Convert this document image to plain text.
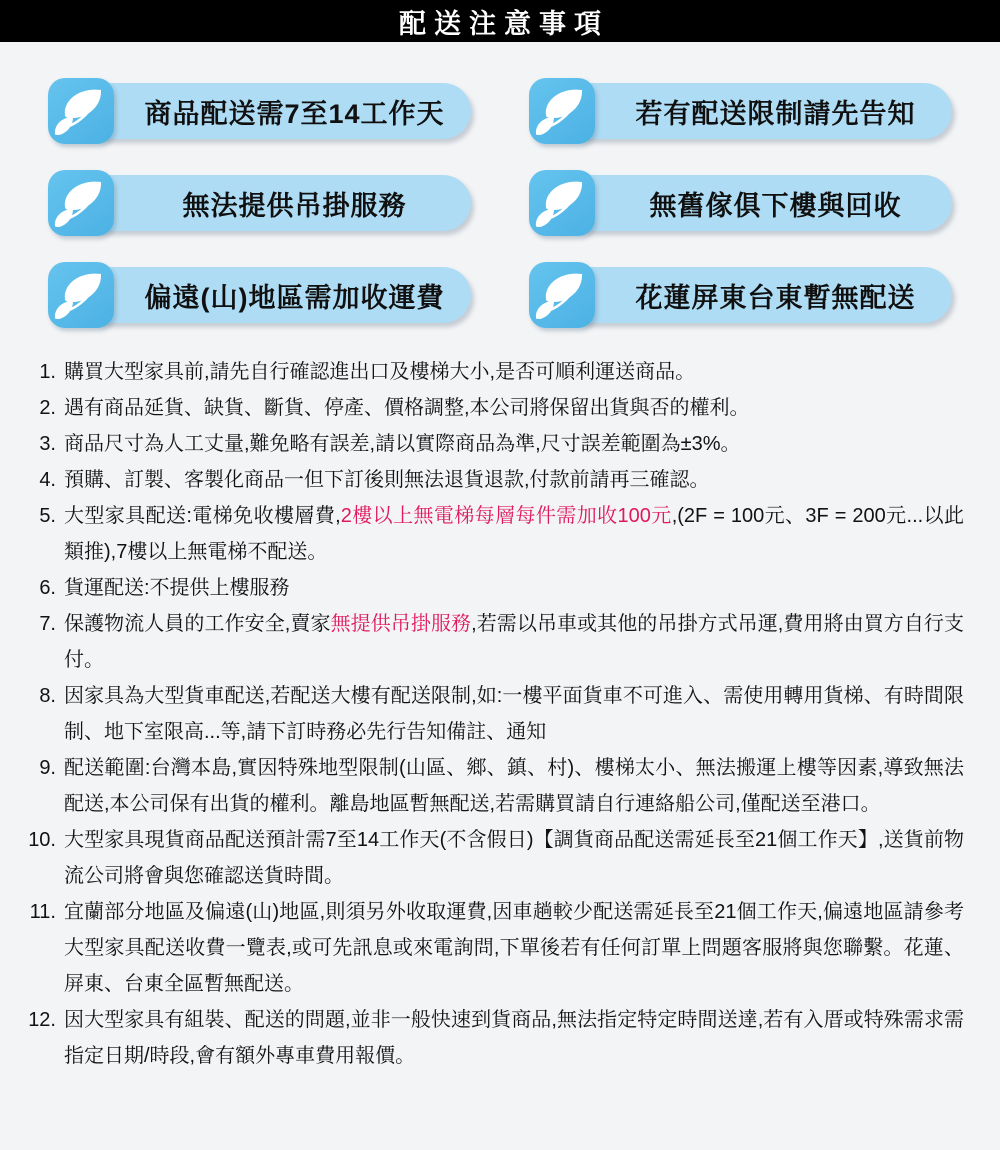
配送注意事項
商品配送需7至14工作天	若有配送限制請先告知
無法提供吊掛服務	無舊傢俱下樓與回收
偏遠(山)地區需加收運費	花蓮屏東台東暫無配送
1. 購買大型家具前,請先自行確認進出口及樓梯大小,是否可順利運送商品。
2. 遇有商品延貨、缺貨、斷貨、停產、價格調整,本公司將保留出貨與否的權利。
3. 商品尺寸為人工丈量,難免略有誤差,請以實際商品為準,尺寸誤差範圍為±3%。
4. 預購、訂製、客製化商品一但下訂後則無法退貨退款,付款前請再三確認。
5. 大型家具配送:電梯免收樓層費,2樓以上無電梯每層每件需加收100元,(2F = 100元、3F = 200元...以此類推),7樓以上無電梯不配送。
6. 貨運配送:不提供上樓服務
7. 保護物流人員的工作安全,賣家無提供吊掛服務,若需以吊車或其他的吊掛方式吊運,費用將由買方自行支付。
8. 因家具為大型貨車配送,若配送大樓有配送限制,如:一樓平面貨車不可進入、需使用轉用貨梯、有時間限制、地下室限高...等,請下訂時務必先行告知備註、通知
9. 配送範圍:台灣本島,實因特殊地型限制(山區、鄉、鎮、村)、樓梯太小、無法搬運上樓等因素,導致無法配送,本公司保有出貨的權利。離島地區暫無配送,若需購買請自行連絡船公司,僅配送至港口。
10. 大型家具現貨商品配送預計需7至14工作天(不含假日)【調貨商品配送需延長至21個工作天】,送貨前物流公司將會與您確認送貨時間。
11. 宜蘭部分地區及偏遠(山)地區,則須另外收取運費,因車趟較少配送需延長至21個工作天,偏遠地區請參考大型家具配送收費一覽表,或可先訊息或來電詢問,下單後若有任何訂單上問題客服將與您聯繫。花蓮、屏東、台東全區暫無配送。
12. 因大型家具有組裝、配送的問題,並非一般快速到貨商品,無法指定特定時間送達,若有入厝或特殊需求需指定日期/時段,會有額外專車費用報價。
